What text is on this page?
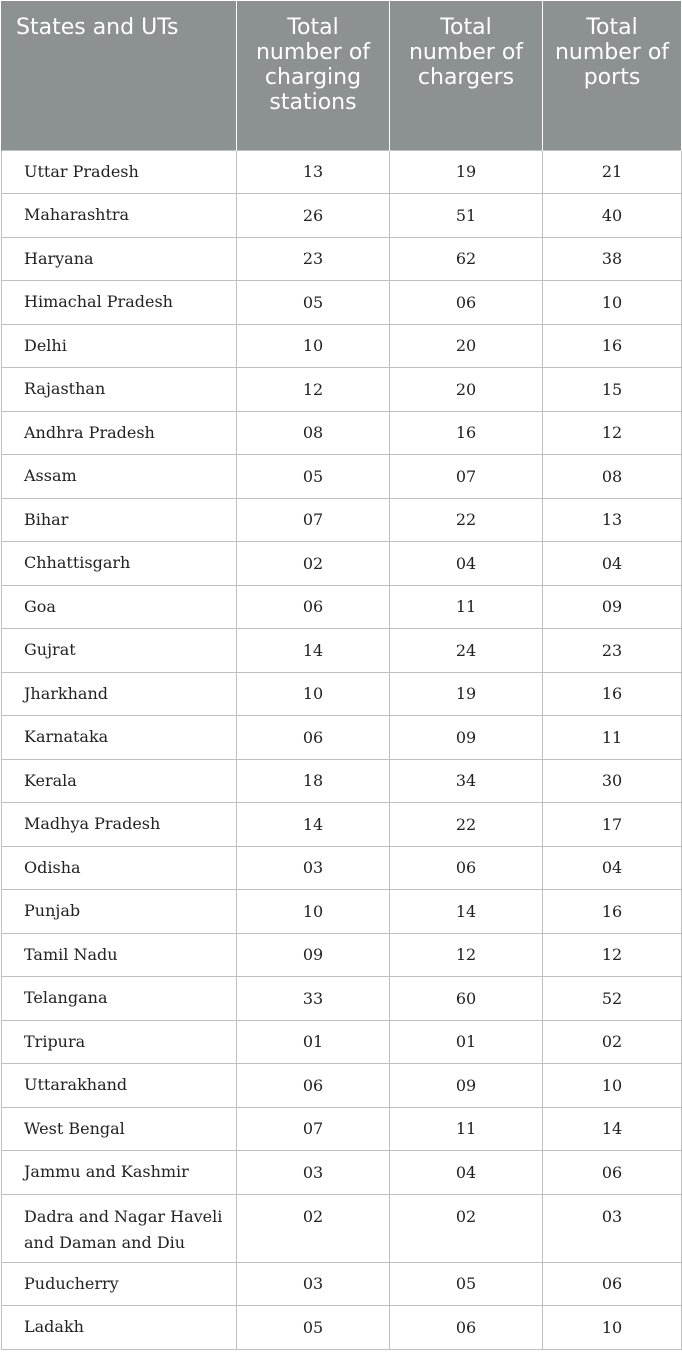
States and UTs	Total number of charging stations	Total number of chargers	Total number of ports
Uttar Pradesh	13	19	21
Maharashtra	26	51	40
Haryana	23	62	38
Himachal Pradesh	05	06	10
Delhi	10	20	16
Rajasthan	12	20	15
Andhra Pradesh	08	16	12
Assam	05	07	08
Bihar	07	22	13
Chhattisgarh	02	04	04
Goa	06	11	09
Gujrat	14	24	23
Jharkhand	10	19	16
Karnataka	06	09	11
Kerala	18	34	30
Madhya Pradesh	14	22	17
Odisha	03	06	04
Punjab	10	14	16
Tamil Nadu	09	12	12
Telangana	33	60	52
Tripura	01	01	02
Uttarakhand	06	09	10
West Bengal	07	11	14
Jammu and Kashmir	03	04	06
Dadra and Nagar Haveli and Daman and Diu	02	02	03
Puducherry	03	05	06
Ladakh	05	06	10
